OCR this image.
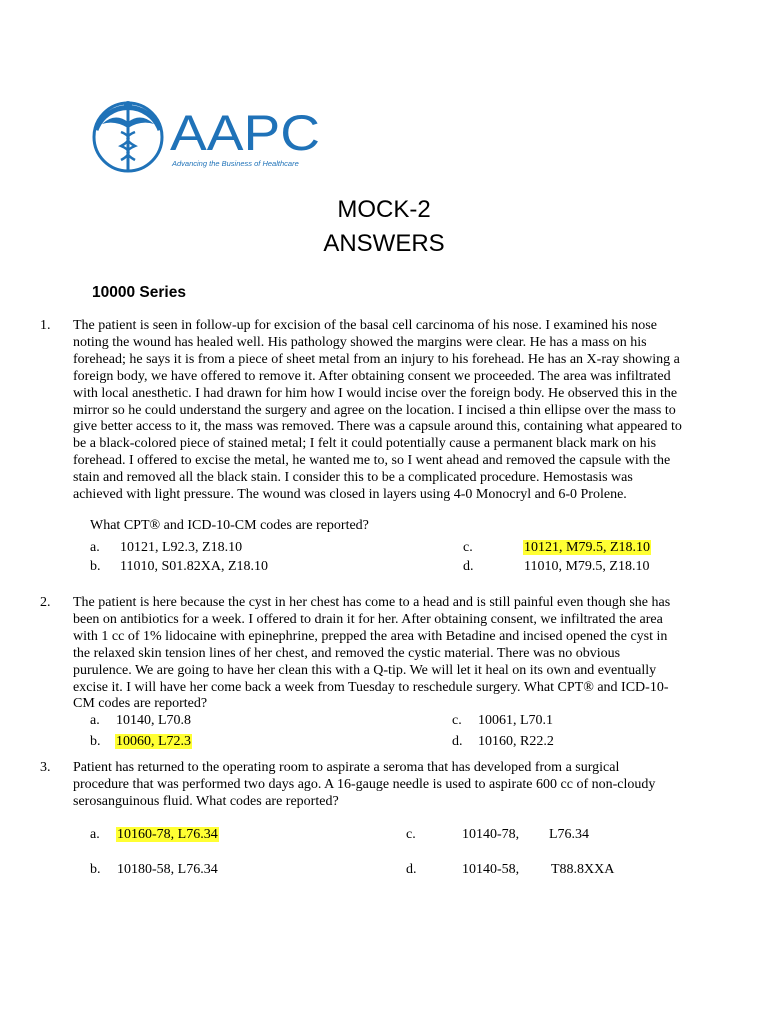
AAPC
Advancing the Business of Healthcare
MOCK-2
ANSWERS
10000 Series
1. The patient is seen in follow-up for excision of the basal cell carcinoma of his nose. I examined his nose noting the wound has healed well. His pathology showed the margins were clear. He has a mass on his forehead; he says it is from a piece of sheet metal from an injury to his forehead. He has an X-ray showing a foreign body, we have offered to remove it. After obtaining consent we proceeded. The area was infiltrated with local anesthetic. I had drawn for him how I would incise over the foreign body. He observed this in the mirror so he could understand the surgery and agree on the location. I incised a thin ellipse over the mass to give better access to it, the mass was removed. There was a capsule around this, containing what appeared to be a black-colored piece of stained metal; I felt it could potentially cause a permanent black mark on his forehead. I offered to excise the metal, he wanted me to, so I went ahead and removed the capsule with the stain and removed all the black stain. I consider this to be a complicated procedure. Hemostasis was achieved with light pressure. The wound was closed in layers using 4-0 Monocryl and 6-0 Prolene.

What CPT® and ICD-10-CM codes are reported?
a. 10121, L92.3, Z18.10
b. 11010, S01.82XA, Z18.10
c.	10121, M79.5, Z18.10
d.	11010, M79.5, Z18.10
2. The patient is here because the cyst in her chest has come to a head and is still painful even though she has been on antibiotics for a week. I offered to drain it for her. After obtaining consent, we infiltrated the area with 1 cc of 1% lidocaine with epinephrine, prepped the area with Betadine and incised opened the cyst in the relaxed skin tension lines of her chest, and removed the cystic material. There was no obvious purulence. We are going to have her clean this with a Q-tip. We will let it heal on its own and eventually excise it. I will have her come back a week from Tuesday to reschedule surgery. What CPT® and ICD-10-CM codes are reported?

a. 10140, L70.8
b. 10060, L72.3
c. 10061, L70.1
d. 10160, R22.2
3. Patient has returned to the operating room to aspirate a seroma that has developed from a surgical procedure that was performed two days ago. A 16-gauge needle is used to aspirate 600 cc of non-cloudy serosanguinous fluid. What codes are reported?

a. 10160-78, L76.34
b. 10180-58, L76.34
c.	10140-78, L76.34
d.	10140-58, T88.8XXA
